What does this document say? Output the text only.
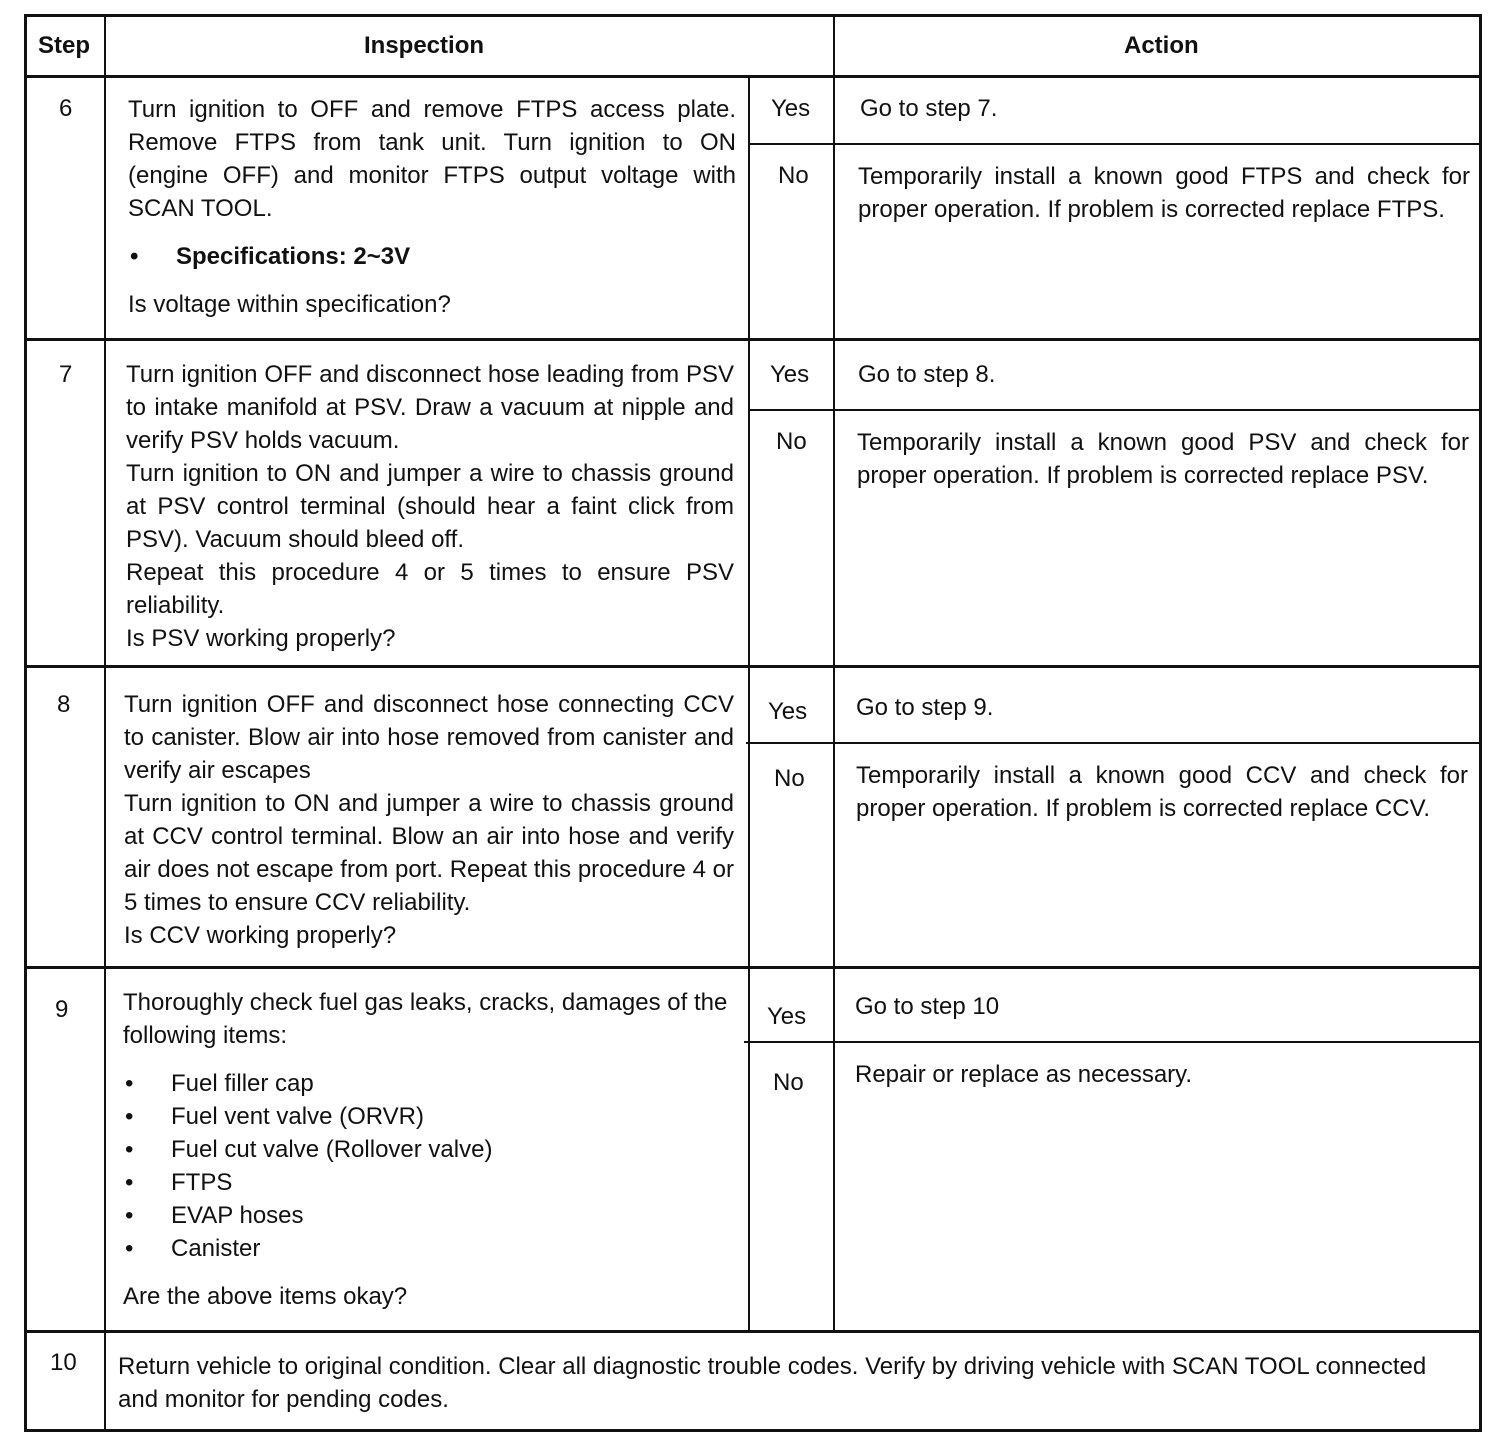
Step	Inspection	Action
6 Turn ignition to OFF and remove FTPS access plate. Remove FTPS from tank unit. Turn ignition to ON (engine OFF) and monitor FTPS output voltage with SCAN TOOL.

• Specifications: 2~3V

Is voltage within specification?

Yes Go to step 7.
No Temporarily install a known good FTPS and check for proper operation. If problem is corrected replace FTPS.
7 Turn ignition OFF and disconnect hose leading from PSV to intake manifold at PSV. Draw a vacuum at nipple and verify PSV holds vacuum.

Turn ignition to ON and jumper a wire to chassis ground at PSV control terminal (should hear a faint click from PSV). Vacuum should bleed off.

Repeat this procedure 4 or 5 times to ensure PSV reliability.

Is PSV working properly?

Yes Go to step 8.
No Temporarily install a known good PSV and check for proper operation. If problem is corrected replace PSV.
8 Turn ignition OFF and disconnect hose connecting CCV to canister. Blow air into hose removed from canister and verify air escapes

Turn ignition to ON and jumper a wire to chassis ground at CCV control terminal. Blow an air into hose and verify air does not escape from port. Repeat this procedure 4 or 5 times to ensure CCV reliability.

Is CCV working properly?

Yes Go to step 9.
No Temporarily install a known good CCV and check for proper operation. If problem is corrected replace CCV.
9 Thoroughly check fuel gas leaks, cracks, damages of the following items:

• Fuel filler cap
• Fuel vent valve (ORVR)
• Fuel cut valve (Rollover valve)
• FTPS
• EVAP hoses
• Canister

Are the above items okay?

Yes Go to step 10
No Repair or replace as necessary.
10 Return vehicle to original condition. Clear all diagnostic trouble codes. Verify by driving vehicle with SCAN TOOL connected and monitor for pending codes.
